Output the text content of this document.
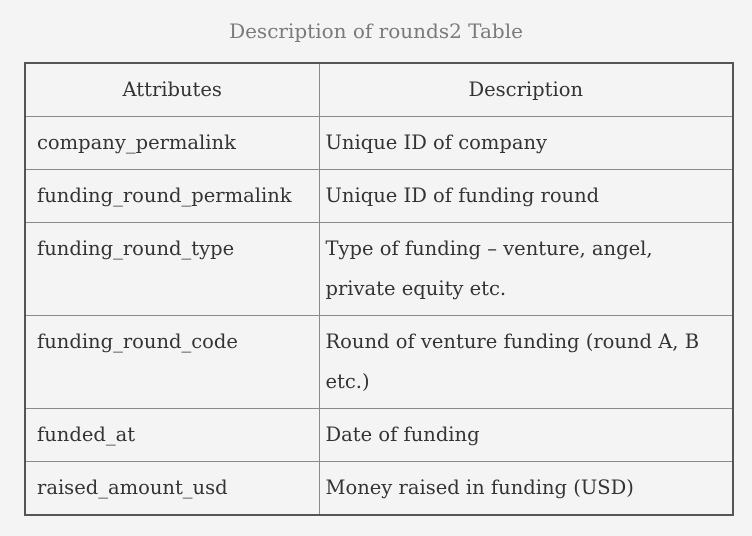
Description of rounds2 Table
Attributes	Description
company_permalink	Unique ID of company
funding_round_permalink	Unique ID of funding round
funding_round_type	Type of funding – venture, angel, private equity etc.
funding_round_code	Round of venture funding (round A, B etc.)
funded_at	Date of funding
raised_amount_usd	Money raised in funding (USD)
